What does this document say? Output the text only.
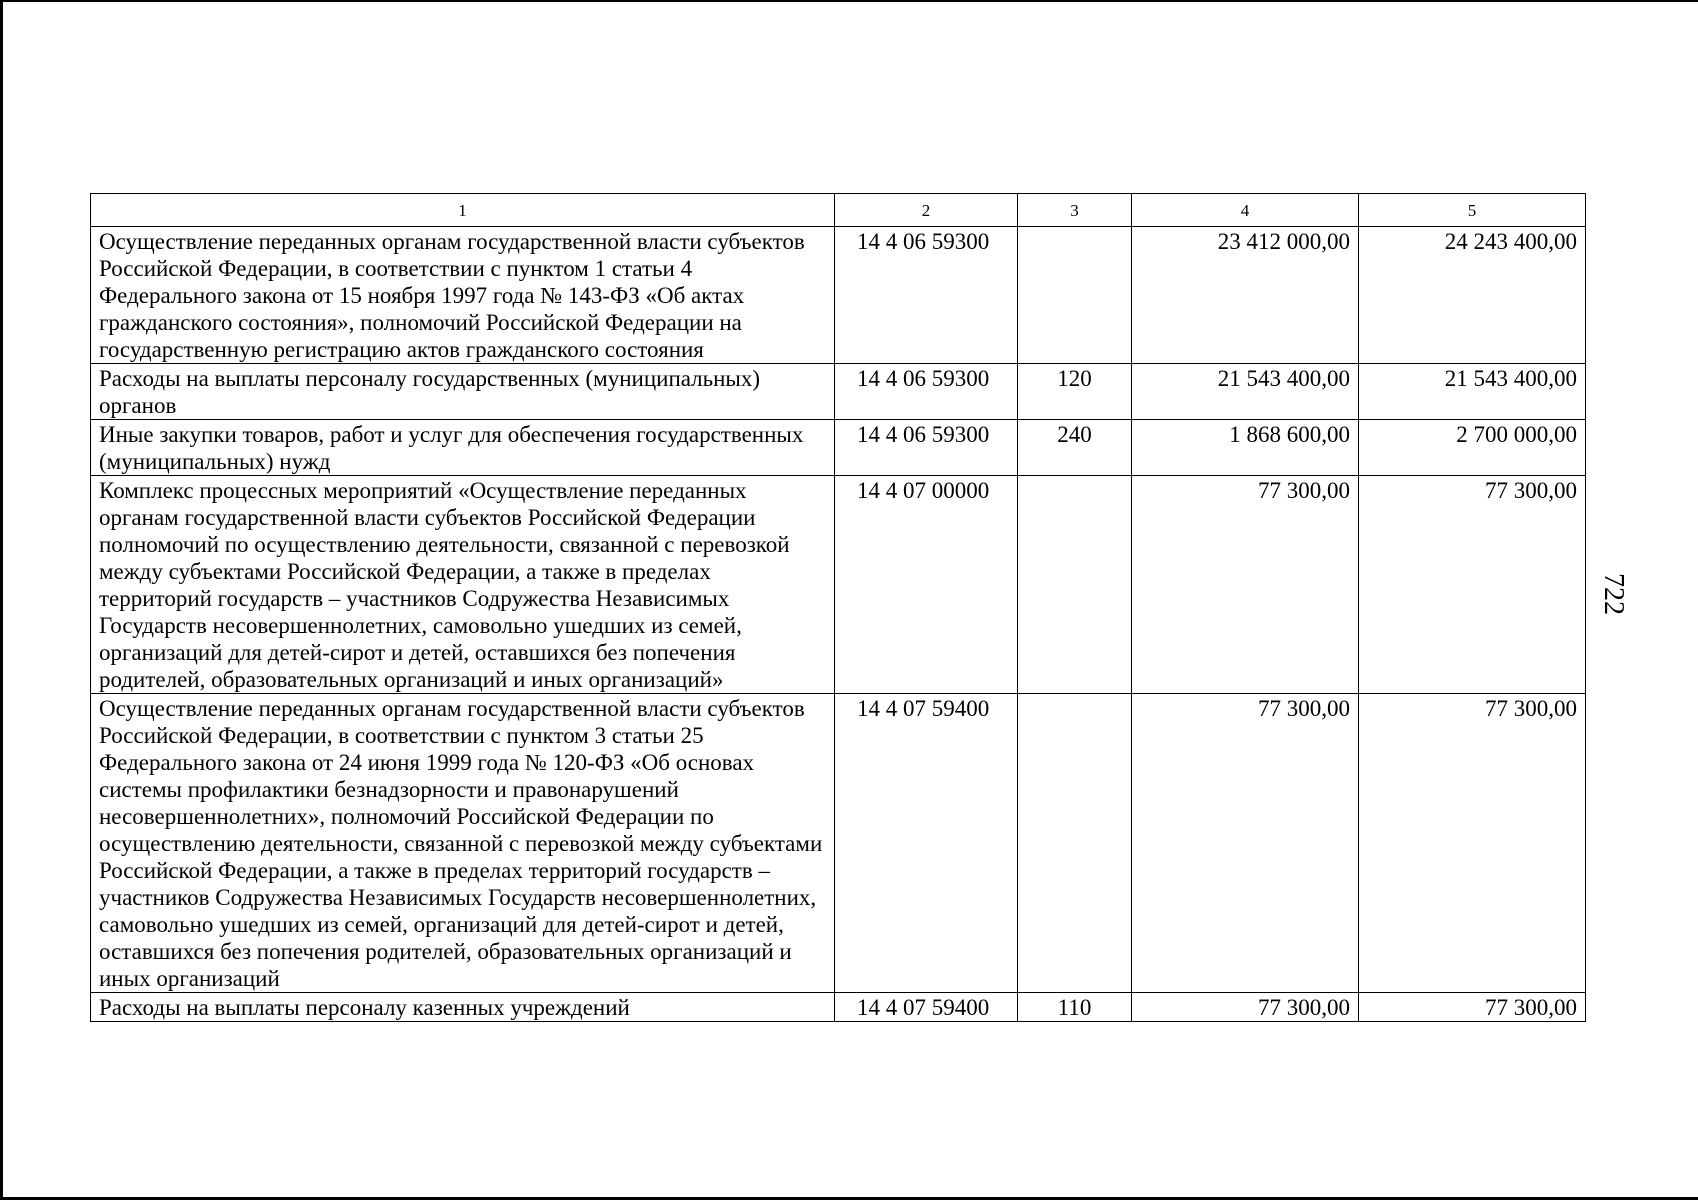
1	2	3	4	5
Осуществление переданных органам государственной власти субъектов Российской Федерации, в соответствии с пунктом 1 статьи 4 Федерального закона от 15 ноября 1997 года № 143-ФЗ «Об актах гражданского состояния», полномочий Российской Федерации на государственную регистрацию актов гражданского состояния	14 4 06 59300		23 412 000,00	24 243 400,00
Расходы на выплаты персоналу государственных (муниципальных) органов	14 4 06 59300	120	21 543 400,00	21 543 400,00
Иные закупки товаров, работ и услуг для обеспечения государственных (муниципальных) нужд	14 4 06 59300	240	1 868 600,00	2 700 000,00
Комплекс процессных мероприятий «Осуществление переданных органам государственной власти субъектов Российской Федерации полномочий по осуществлению деятельности, связанной с перевозкой между субъектами Российской Федерации, а также в пределах территорий государств – участников Содружества Независимых Государств несовершеннолетних, самовольно ушедших из семей, организаций для детей-сирот и детей, оставшихся без попечения родителей, образовательных организаций и иных организаций»	14 4 07 00000		77 300,00	77 300,00
Осуществление переданных органам государственной власти субъектов Российской Федерации, в соответствии с пунктом 3 статьи 25 Федерального закона от 24 июня 1999 года № 120-ФЗ «Об основах системы профилактики безнадзорности и правонарушений несовершеннолетних», полномочий Российской Федерации по осуществлению деятельности, связанной с перевозкой между субъектами Российской Федерации, а также в пределах территорий государств – участников Содружества Независимых Государств несовершеннолетних, самовольно ушедших из семей, организаций для детей-сирот и детей, оставшихся без попечения родителей, образовательных организаций и иных организаций	14 4 07 59400		77 300,00	77 300,00
Расходы на выплаты персоналу казенных учреждений	14 4 07 59400	110	77 300,00	77 300,00
722
